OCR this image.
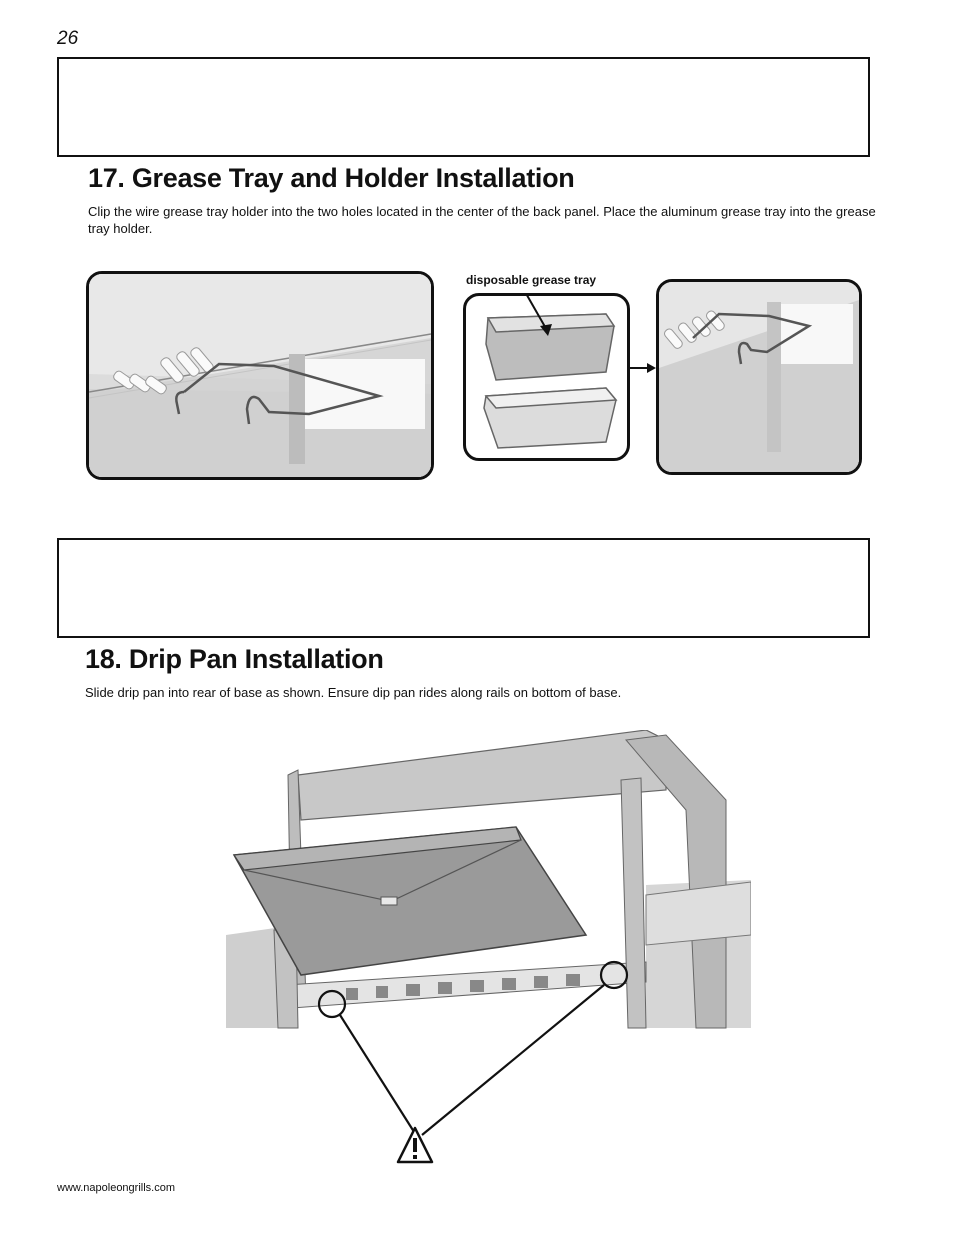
26
17. Grease Tray and Holder Installation
Clip the wire grease tray holder into the two holes located in the center of the back panel. Place the aluminum grease tray into the grease tray holder.
disposable grease tray
18. Drip Pan Installation
Slide drip pan into rear of base as shown. Ensure dip pan rides along rails on bottom of base.
www.napoleongrills.com
